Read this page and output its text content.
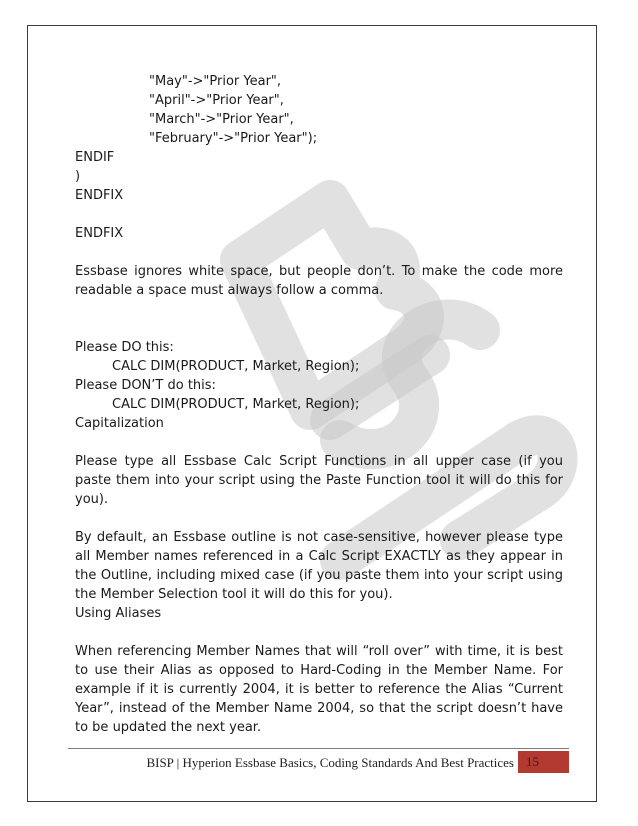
"May"->"Prior Year",

"April"->"Prior Year",

"March"->"Prior Year",

"February"->"Prior Year");

ENDIF

)

ENDFIX

ENDFIX

Essbase ignores white space, but people don’t. To make the code more readable a space must always follow a comma.

Please DO this:

CALC DIM(PRODUCT, Market, Region);

Please DON’T do this:

CALC DIM(PRODUCT, Market, Region);

Capitalization

Please type all Essbase Calc Script Functions in all upper case (if you paste them into your script using the Paste Function tool it will do this for you).

By default, an Essbase outline is not case-sensitive, however please type all Member names referenced in a Calc Script EXACTLY as they appear in the Outline, including mixed case (if you paste them into your script using the Member Selection tool it will do this for you).

Using Aliases

When referencing Member Names that will “roll over” with time, it is best to use their Alias as opposed to Hard-Coding in the Member Name. For example if it is currently 2004, it is better to reference the Alias “Current Year”, instead of the Member Name 2004, so that the script doesn’t have to be updated the next year.

BISP | Hyperion Essbase Basics, Coding Standards And Best Practices 15
